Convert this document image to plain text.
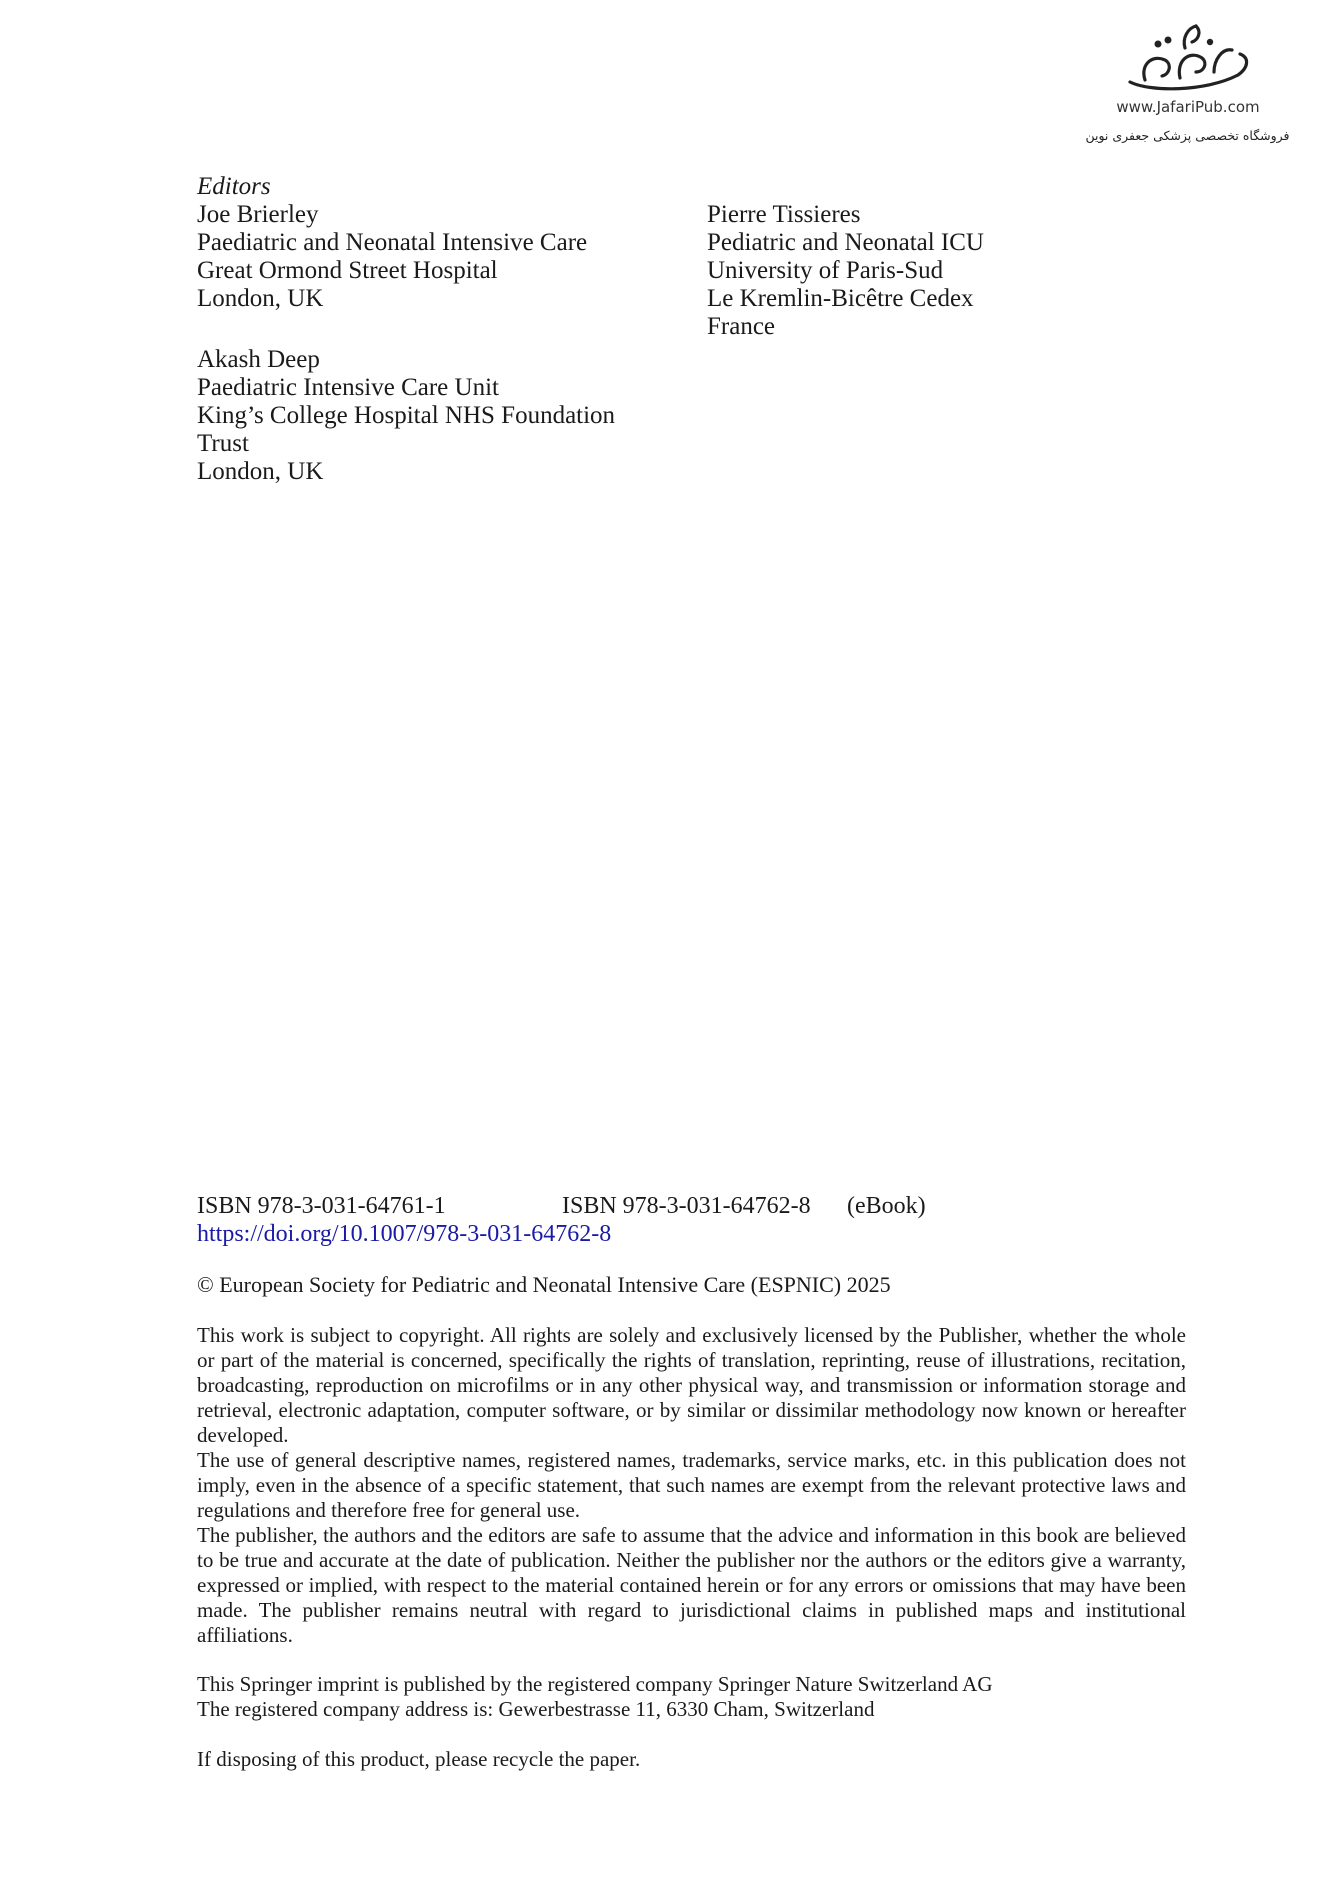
www.JafariPub.com
فروشگاه تخصصی پزشکی جعفری نوین
Editors
Joe Brierley
Paediatric and Neonatal Intensive Care
Great Ormond Street Hospital
London, UK
Akash Deep
Paediatric Intensive Care Unit
King’s College Hospital NHS Foundation
Trust
London, UK
Pierre Tissieres
Pediatric and Neonatal ICU
University of Paris-Sud
Le Kremlin-Bicêtre Cedex
France
ISBN 978-3-031-64761-1	ISBN 978-3-031-64762-8 (eBook)
https://doi.org/10.1007/978-3-031-64762-8
© European Society for Pediatric and Neonatal Intensive Care (ESPNIC) 2025

This work is subject to copyright. All rights are solely and exclusively licensed by the Publisher, whether the whole or part of the material is concerned, specifically the rights of translation, reprinting, reuse of illustrations, recitation, broadcasting, reproduction on microfilms or in any other physical way, and transmission or information storage and retrieval, electronic adaptation, computer software, or by similar or dissimilar methodology now known or hereafter developed.

The use of general descriptive names, registered names, trademarks, service marks, etc. in this publication does not imply, even in the absence of a specific statement, that such names are exempt from the relevant protective laws and regulations and therefore free for general use.

The publisher, the authors and the editors are safe to assume that the advice and information in this book are believed to be true and accurate at the date of publication. Neither the publisher nor the authors or the editors give a warranty, expressed or implied, with respect to the material contained herein or for any errors or omissions that may have been made. The publisher remains neutral with regard to jurisdictional claims in published maps and institutional affiliations.

This Springer imprint is published by the registered company Springer Nature Switzerland AG
The registered company address is: Gewerbestrasse 11, 6330 Cham, Switzerland
If disposing of this product, please recycle the paper.
